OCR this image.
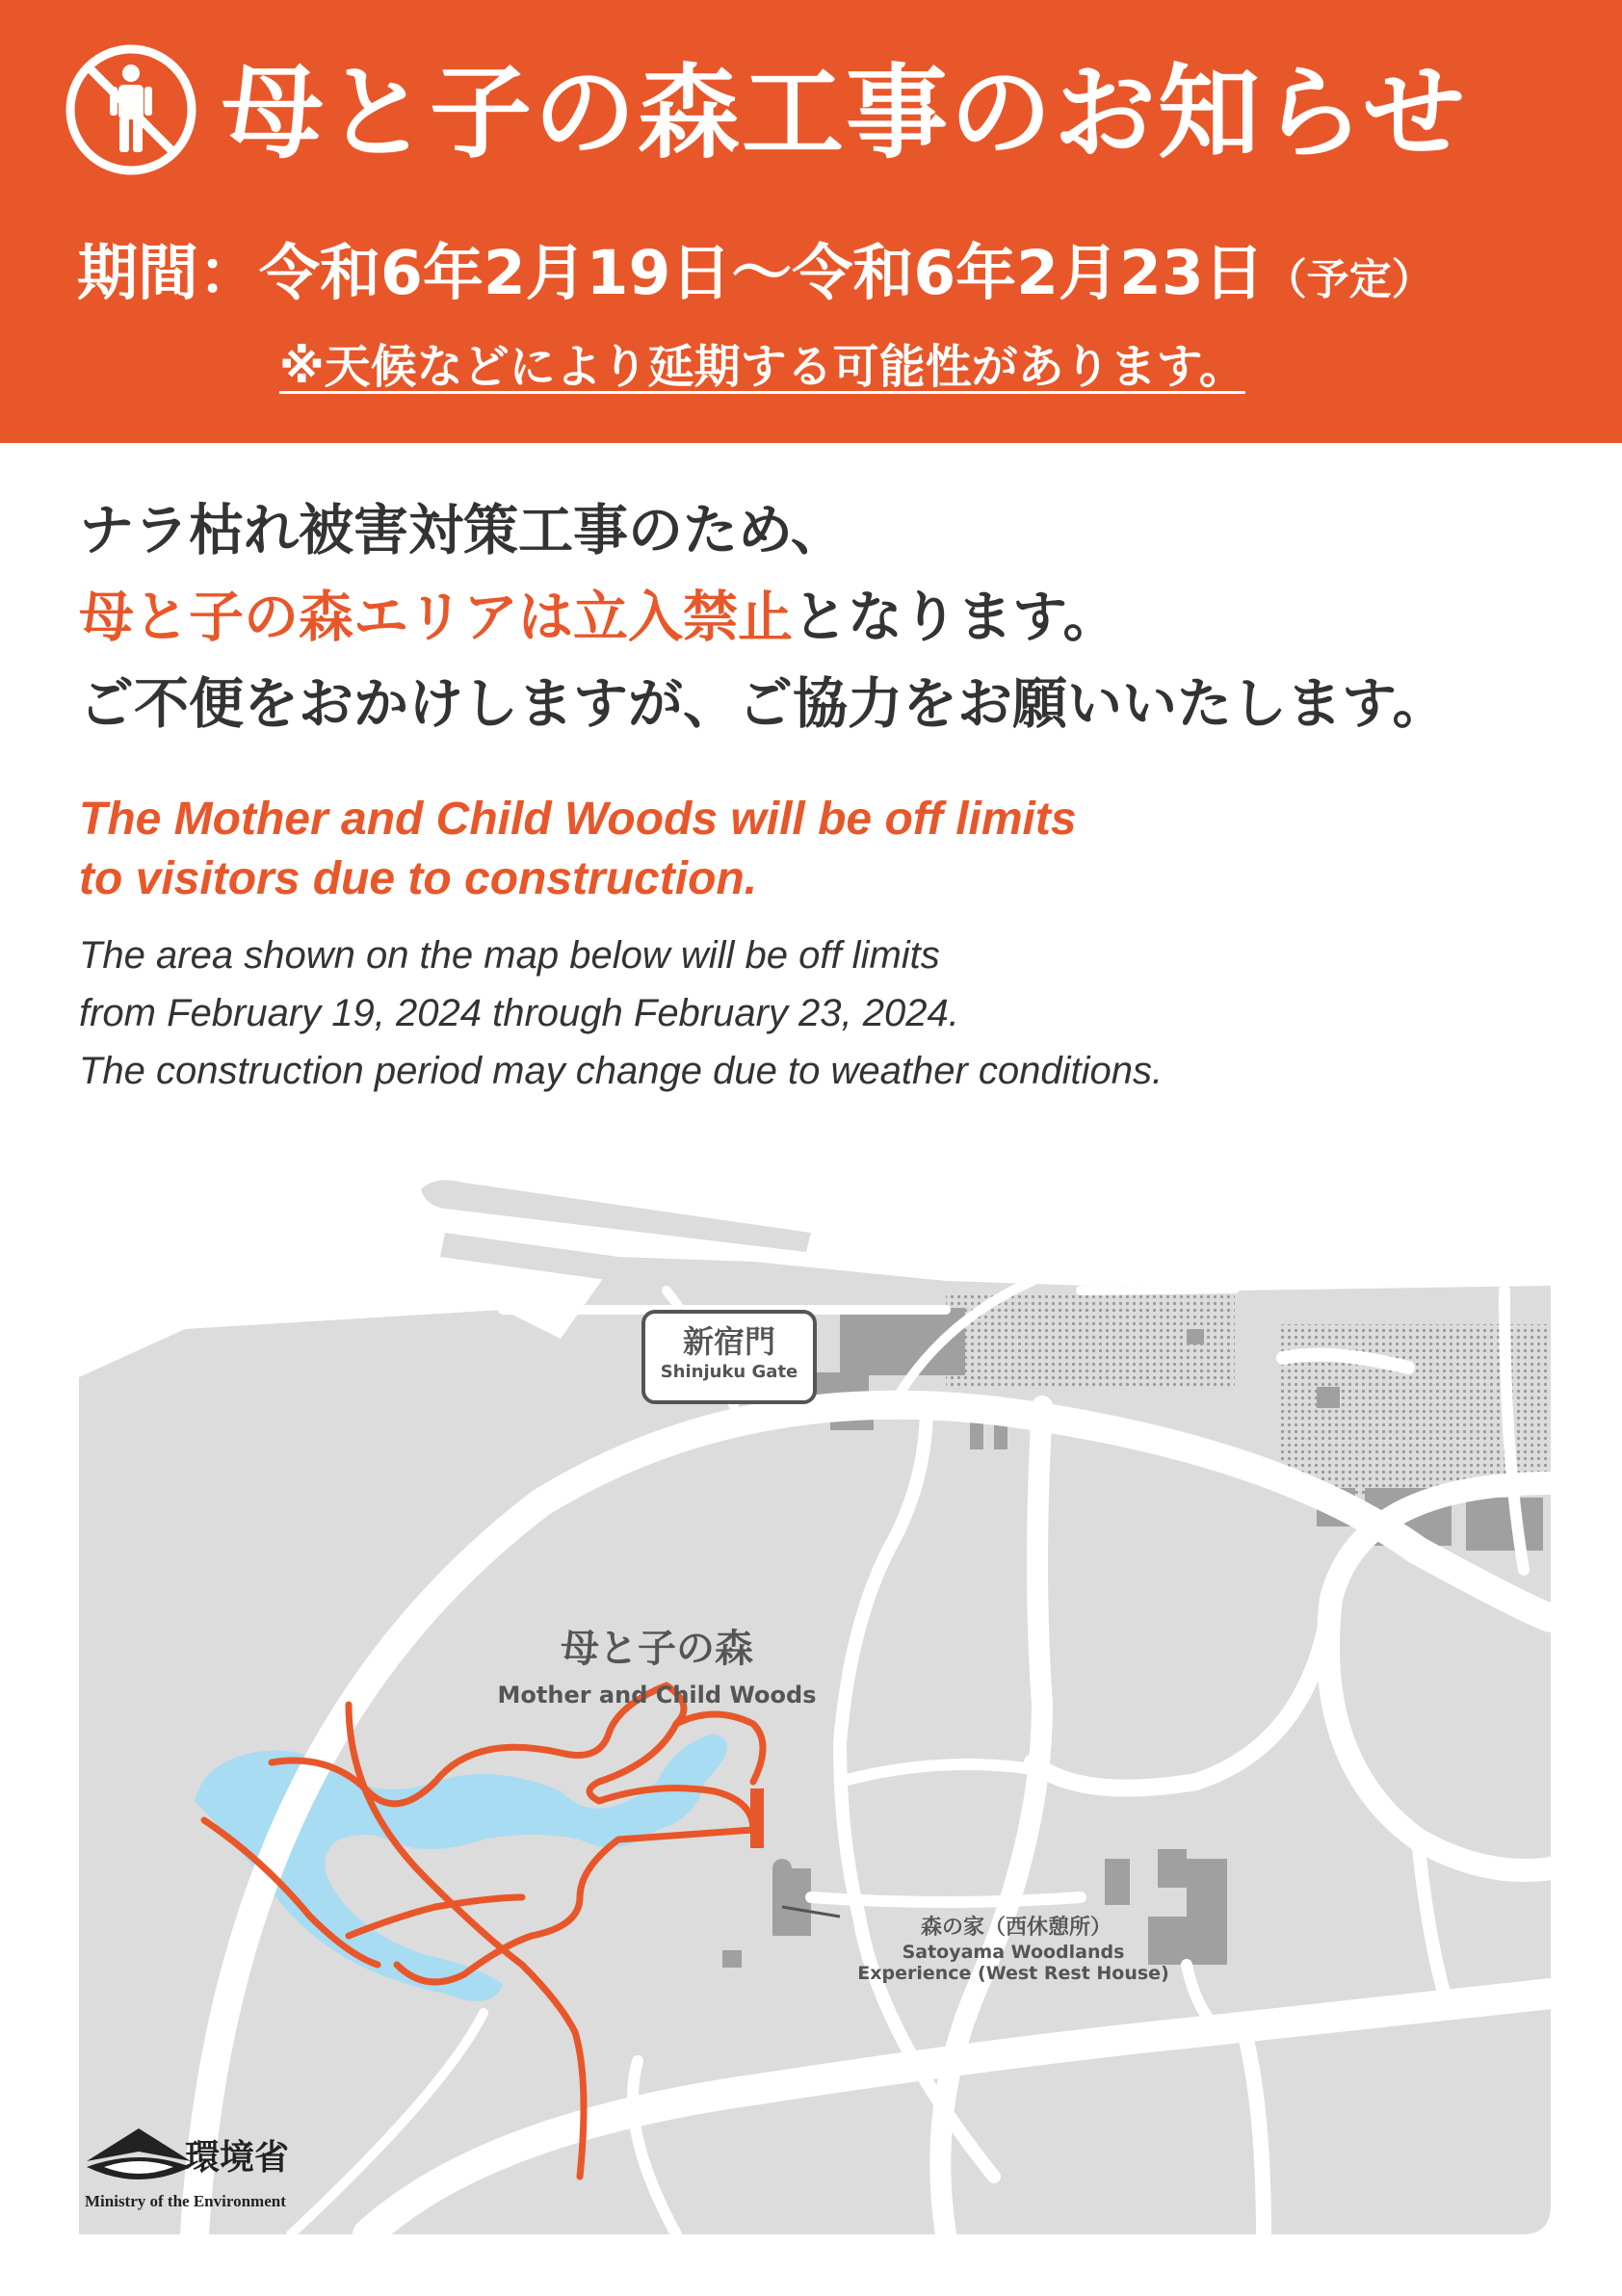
母と子の森工事のお知らせ
期間：令和6年2月19日～令和6年2月23日（予定）
※天候などにより延期する可能性があります。
ナラ枯れ被害対策工事のため、
母と子の森エリアは立入禁止となります。
ご不便をおかけしますが、ご協力をお願いいたします。
The Mother and Child Woods will be off limits
to visitors due to construction.
The area shown on the map below will be off limits
from February 19, 2024 through February 23, 2024.
The construction period may change due to weather conditions.
新宿門
Shinjuku Gate
母と子の森
Mother and Child Woods
森の家（西休憩所）
Satoyama Woodlands
Experience (West Rest House)
環境省
Ministry of the Environment
